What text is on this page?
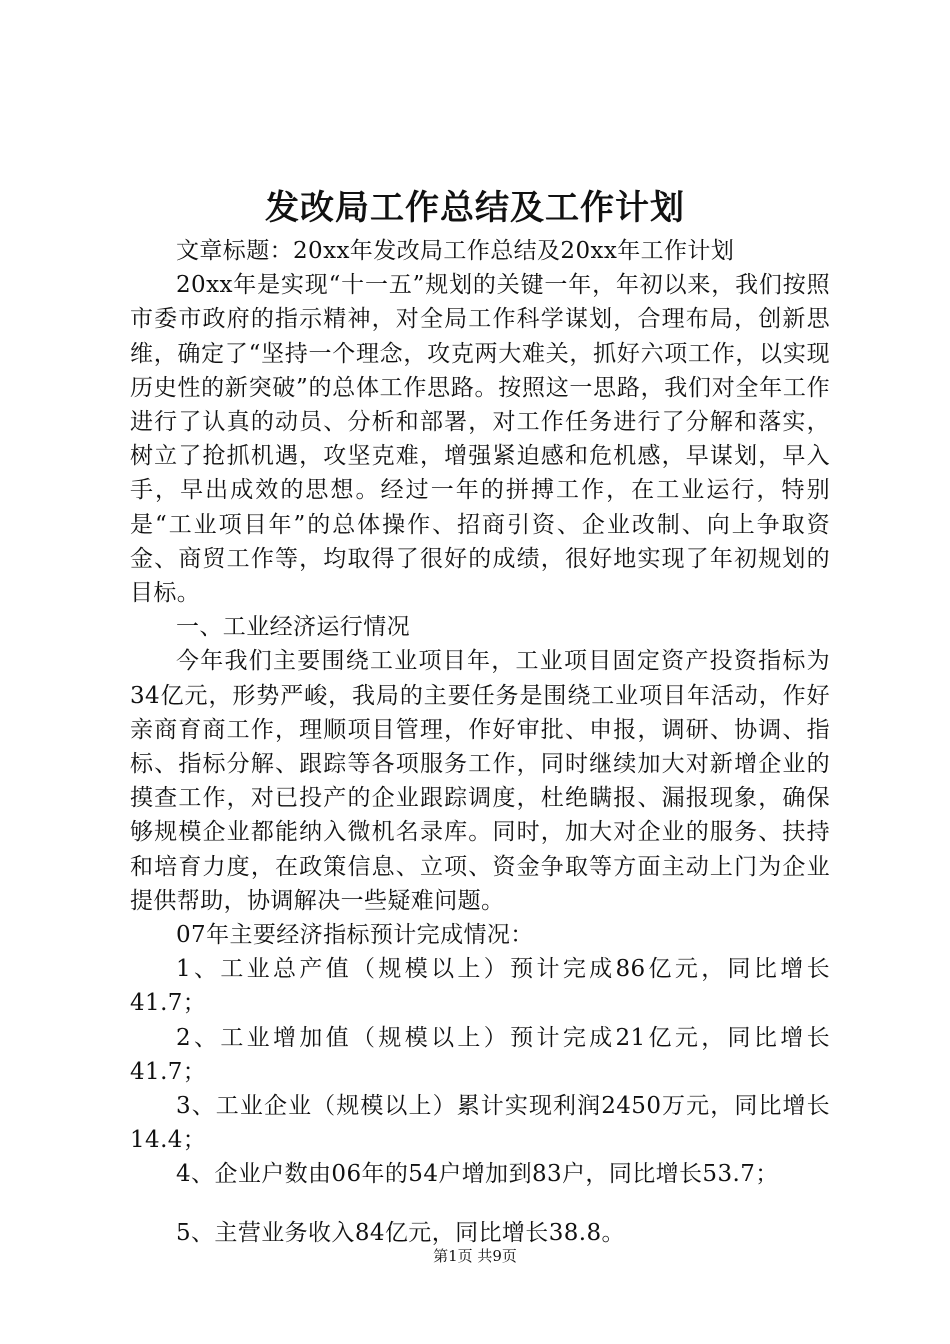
发改局工作总结及工作计划

文章标题：20xx年发改局工作总结及20xx年工作计划

20xx年是实现“十一五”规划的关键一年，年初以来，我们按照市委市政府的指示精神，对全局工作科学谋划，合理布局，创新思维，确定了“坚持一个理念，攻克两大难关，抓好六项工作，以实现历史性的新突破”的总体工作思路。按照这一思路，我们对全年工作进行了认真的动员、分析和部署，对工作任务进行了分解和落实，树立了抢抓机遇，攻坚克难，增强紧迫感和危机感，早谋划，早入手，早出成效的思想。经过一年的拼搏工作，在工业运行，特别是“工业项目年”的总体操作、招商引资、企业改制、向上争取资金、商贸工作等，均取得了很好的成绩，很好地实现了年初规划的目标。

一、工业经济运行情况

今年我们主要围绕工业项目年，工业项目固定资产投资指标为34亿元，形势严峻，我局的主要任务是围绕工业项目年活动，作好亲商育商工作，理顺项目管理，作好审批、申报，调研、协调、指标、指标分解、跟踪等各项服务工作，同时继续加大对新增企业的摸查工作，对已投产的企业跟踪调度，杜绝瞒报、漏报现象，确保够规模企业都能纳入微机名录库。同时，加大对企业的服务、扶持和培育力度，在政策信息、立项、资金争取等方面主动上门为企业提供帮助，协调解决一些疑难问题。

07年主要经济指标预计完成情况：

1、工业总产值（规模以上）预计完成86亿元，同比增长41.7；

2、工业增加值（规模以上）预计完成21亿元，同比增长41.7；

3、工业企业（规模以上）累计实现利润2450万元，同比增长14.4；

4、企业户数由06年的54户增加到83户，同比增长53.7；

5、主营业务收入84亿元，同比增长38.8。

第1页 共9页
